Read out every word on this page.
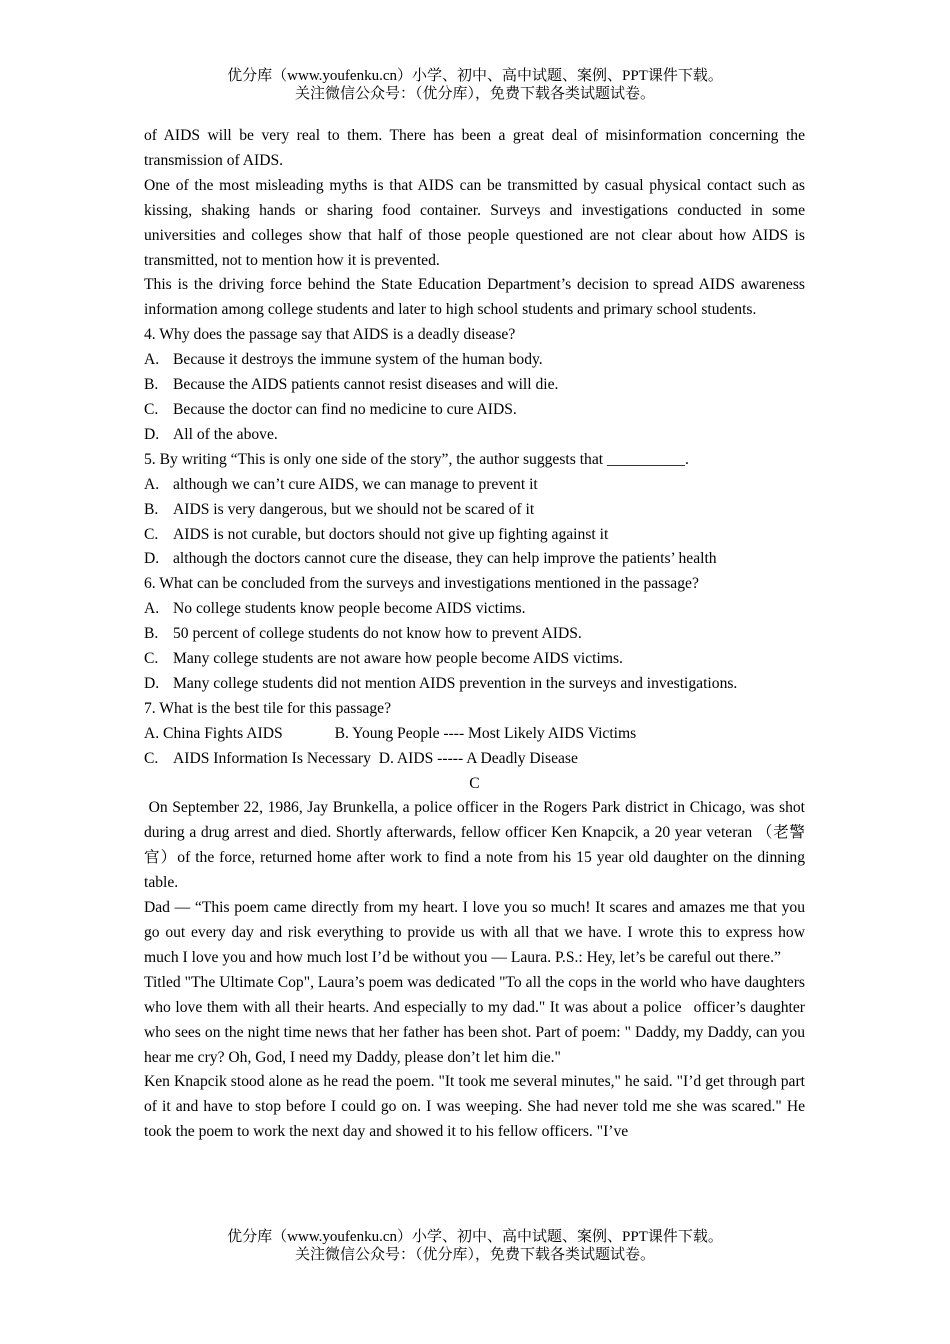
优分库（www.youfenku.cn）小学、初中、高中试题、案例、PPT课件下载。
关注微信公众号：（优分库），免费下载各类试题试卷。

of AIDS will be very real to them. There has been a great deal of misinformation concerning the transmission of AIDS.

One of the most misleading myths is that AIDS can be transmitted by casual physical contact such as kissing, shaking hands or sharing food container. Surveys and investigations conducted in some universities and colleges show that half of those people questioned are not clear about how AIDS is transmitted, not to mention how it is prevented.

This is the driving force behind the State Education Department’s decision to spread AIDS awareness information among college students and later to high school students and primary school students.

4. Why does the passage say that AIDS is a deadly disease?

A. Because it destroys the immune system of the human body.

B. Because the AIDS patients cannot resist diseases and will die.

C. Because the doctor can find no medicine to cure AIDS.

D. All of the above.

5. By writing “This is only one side of the story”, the author suggests that __________.

A. although we can’t cure AIDS, we can manage to prevent it

B. AIDS is very dangerous, but we should not be scared of it

C. AIDS is not curable, but doctors should not give up fighting against it

D. although the doctors cannot cure the disease, they can help improve the patients’ health

6. What can be concluded from the surveys and investigations mentioned in the passage?

A. No college students know people become AIDS victims.

B. 50 percent of college students do not know how to prevent AIDS.

C. Many college students are not aware how people become AIDS victims.

D. Many college students did not mention AIDS prevention in the surveys and investigations.

7. What is the best tile for this passage?

A. China Fights AIDS	B. Young People ---- Most Likely AIDS Victims

C. AIDS Information Is Necessary D. AIDS ----- A Deadly Disease

C

On September 22, 1986, Jay Brunkella, a police officer in the Rogers Park district in Chicago, was shot during a drug arrest and died. Shortly afterwards, fellow officer Ken Knapcik, a 20 year veteran （老警官）of the force, returned home after work to find a note from his 15 year old daughter on the dinning table.

Dad — “This poem came directly from my heart. I love you so much! It scares and amazes me that you go out every day and risk everything to provide us with all that we have. I wrote this to express how much I love you and how much lost I’d be without you — Laura. P.S.: Hey, let’s be careful out there.”

Titled "The Ultimate Cop", Laura’s poem was dedicated "To all the cops in the world who have daughters who love them with all their hearts. And especially to my dad." It was about a police officer’s daughter who sees on the night time news that her father has been shot. Part of poem: " Daddy, my Daddy, can you hear me cry? Oh, God, I need my Daddy, please don’t let him die."

Ken Knapcik stood alone as he read the poem. "It took me several minutes," he said. "I’d get through part of it and have to stop before I could go on. I was weeping. She had never told me she was scared." He took the poem to work the next day and showed it to his fellow officers. "I’ve

优分库（www.youfenku.cn）小学、初中、高中试题、案例、PPT课件下载。
关注微信公众号：（优分库），免费下载各类试题试卷。
